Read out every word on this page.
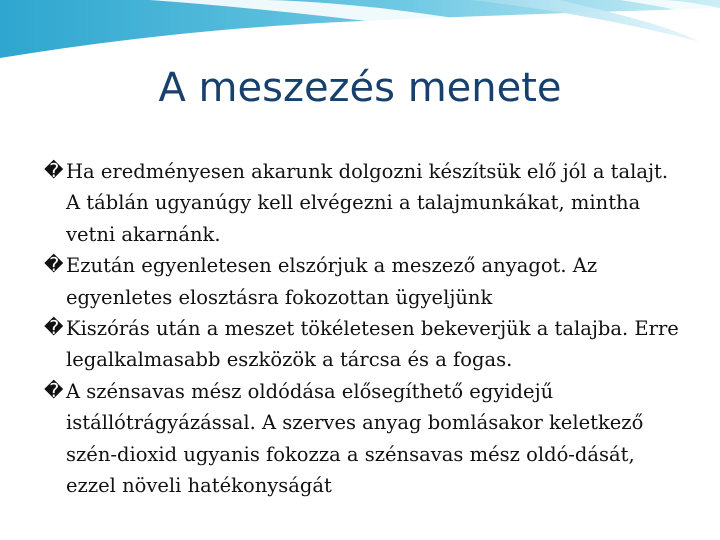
A meszezés menete
� Ha eredményesen akarunk dolgozni készítsük elő jól a talajt. A táblán ugyanúgy kell elvégezni a talajmunkákat, mintha vetni akarnánk.
� Ezután egyenletesen elszórjuk a meszező anyagot. Az egyenletes elosztásra fokozottan ügyeljünk
� Kiszórás után a meszet tökéletesen bekeverjük a talajba. Erre legalkalmasabb eszközök a tárcsa és a fogas.
� A szénsavas mész oldódása elősegíthető egyidejű istállótrágyázással. A szerves anyag bomlásakor keletkező szén-dioxid ugyanis fokozza a szénsavas mész oldó-dását, ezzel növeli hatékonyságát
